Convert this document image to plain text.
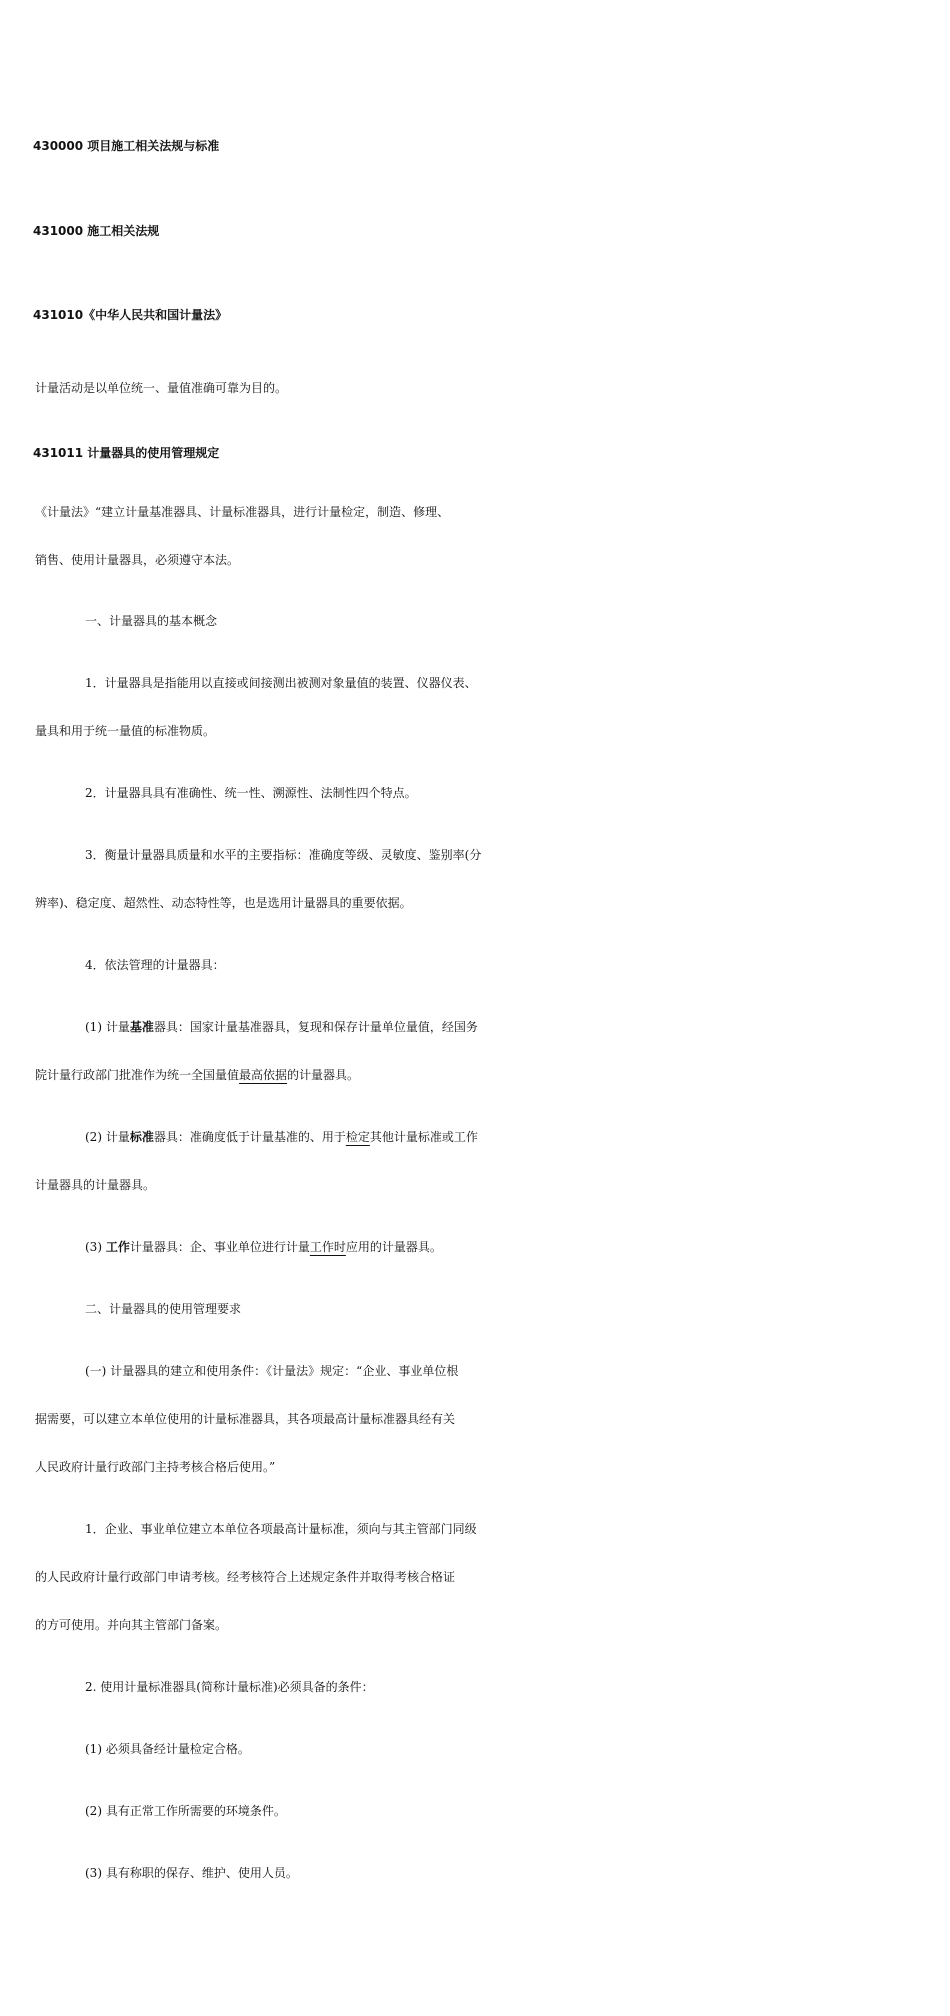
430000 项目施工相关法规与标准
431000 施工相关法规
431010《中华人民共和国计量法》
计量活动是以单位统一、量值准确可靠为目的。
431011 计量器具的使用管理规定
《计量法》“建立计量基准器具、计量标准器具，进行计量检定，制造、修理、
销售、使用计量器具，必须遵守本法。
一、计量器具的基本概念
1．计量器具是指能用以直接或间接测出被测对象量值的装置、仪器仪表、
量具和用于统一量值的标准物质。
2．计量器具具有准确性、统一性、溯源性、法制性四个特点。
3．衡量计量器具质量和水平的主要指标：准确度等级、灵敏度、鉴别率(分
辨率)、稳定度、超然性、动态特性等，也是选用计量器具的重要依据。
4．依法管理的计量器具：
(1) 计量基准器具：国家计量基准器具，复现和保存计量单位量值，经国务
院计量行政部门批准作为统一全国量值最高依据的计量器具。
(2) 计量标准器具：准确度低于计量基准的、用于检定其他计量标准或工作
计量器具的计量器具。
(3) 工作计量器具：企、事业单位进行计量工作时应用的计量器具。
二、计量器具的使用管理要求
(一) 计量器具的建立和使用条件：《计量法》规定：“企业、事业单位根
据需要，可以建立本单位使用的计量标准器具，其各项最高计量标准器具经有关
人民政府计量行政部门主持考核合格后使用。”
1．企业、事业单位建立本单位各项最高计量标准，须向与其主管部门同级
的人民政府计量行政部门申请考核。经考核符合上述规定条件并取得考核合格证
的方可使用。并向其主管部门备案。
2. 使用计量标准器具(简称计量标准)必须具备的条件：
(1) 必须具备经计量检定合格。
(2) 具有正常工作所需要的环境条件。
(3) 具有称职的保存、维护、使用人员。
